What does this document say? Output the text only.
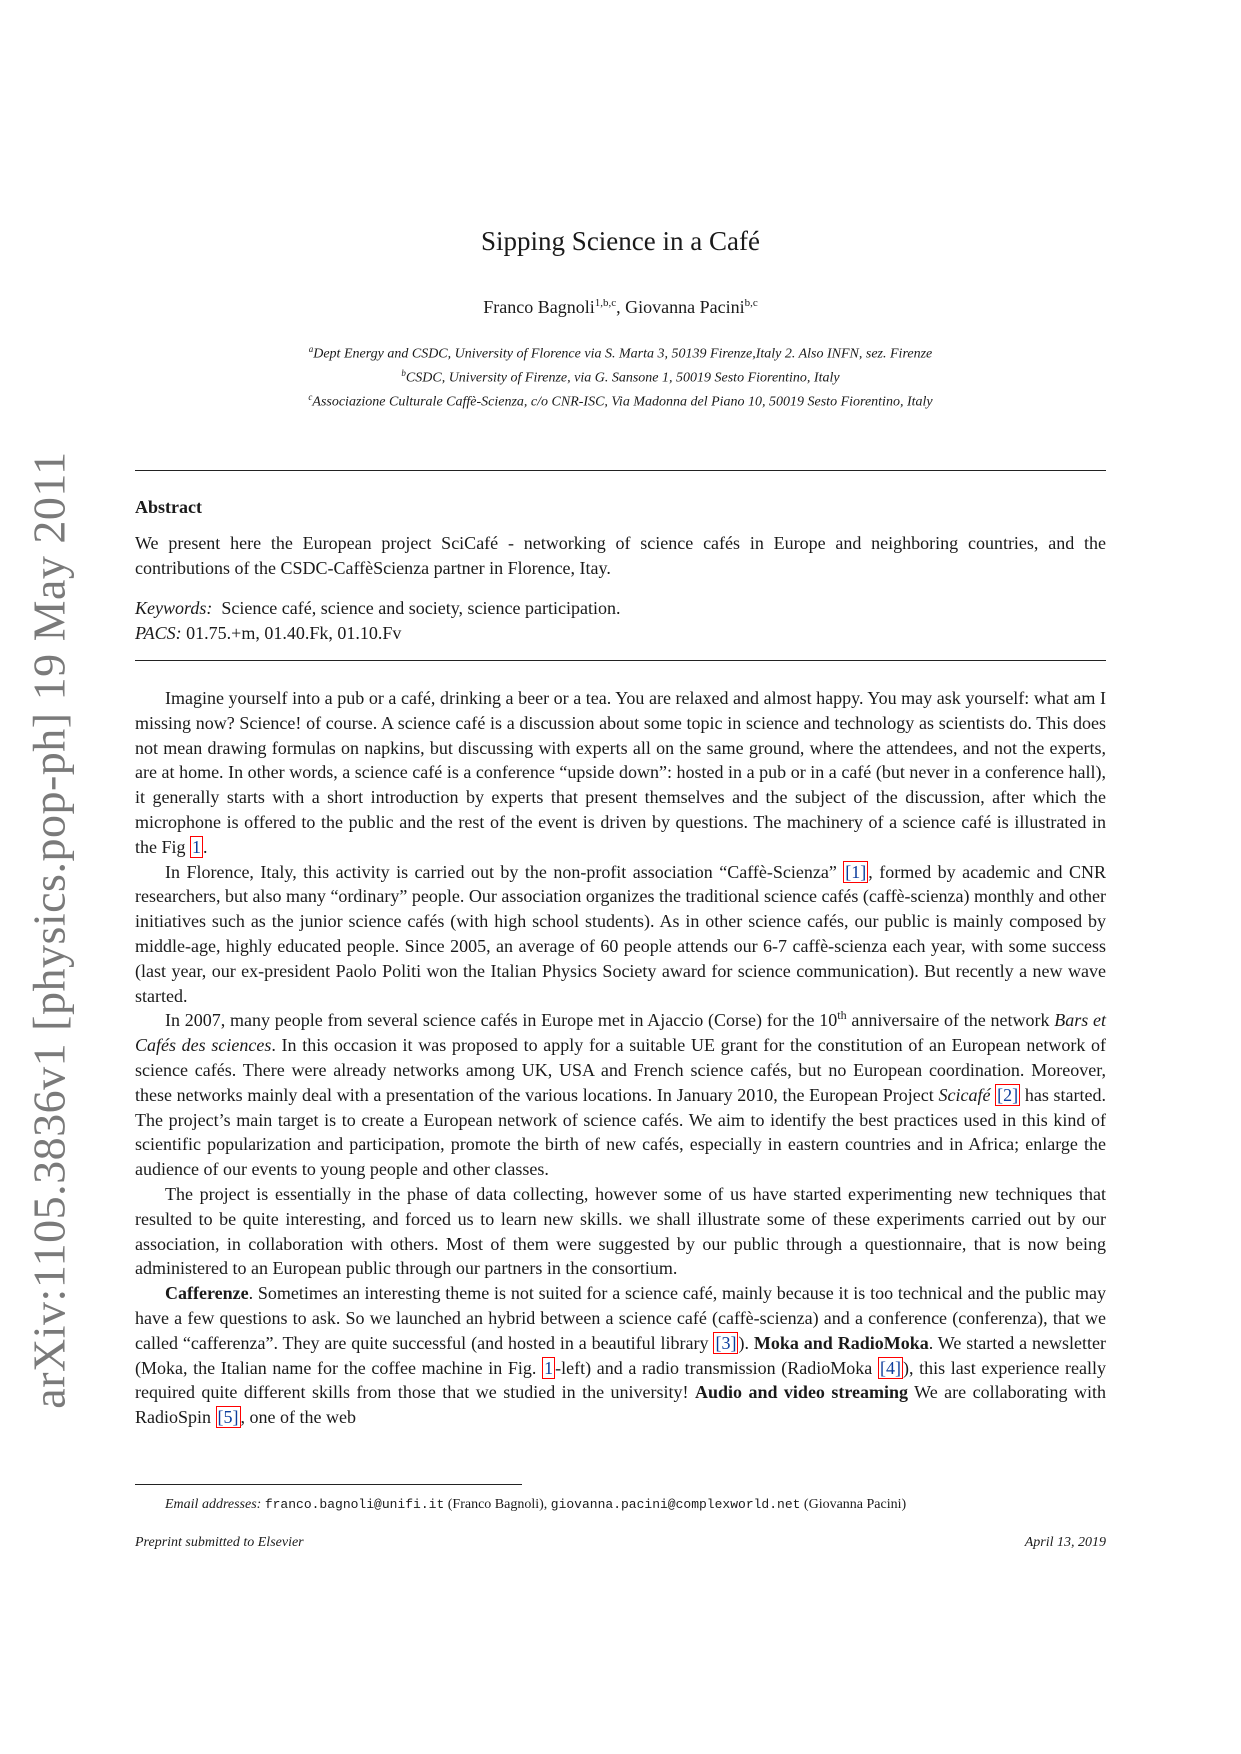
arXiv:1105.3836v1 [physics.pop-ph] 19 May 2011
Sipping Science in a Café
Franco Bagnoli$^{1,b,c}$, Giovanna Pacini$^{b,c}$
$^a$Dept Energy and CSDC, University of Florence via S. Marta 3, 50139 Firenze,Italy 2. Also INFN, sez. Firenze
$^b$CSDC, University of Firenze, via G. Sansone 1, 50019 Sesto Fiorentino, Italy
$^c$Associazione Culturale Caffè-Scienza, c/o CNR-ISC, Via Madonna del Piano 10, 50019 Sesto Fiorentino, Italy
Abstract
We present here the European project SciCafé - networking of science cafés in Europe and neighboring countries, and the contributions of the CSDC-CaffèScienza partner in Florence, Itay.
Keywords: Science café, science and society, science participation.
PACS: 01.75.+m, 01.40.Fk, 01.10.Fv

Imagine yourself into a pub or a café, drinking a beer or a tea. You are relaxed and almost happy. You may ask yourself: what am I missing now? Science! of course. A science café is a discussion about some topic in science and technology as scientists do. This does not mean drawing formulas on napkins, but discussing with experts all on the same ground, where the attendees, and not the experts, are at home. In other words, a science café is a conference “upside down”: hosted in a pub or in a café (but never in a conference hall), it generally starts with a short introduction by experts that present themselves and the subject of the discussion, after which the microphone is offered to the public and the rest of the event is driven by questions. The machinery of a science café is illustrated in the Fig 1 .

In Florence, Italy, this activity is carried out by the non-profit association “Caffè-Scienza” [1] , formed by academic and CNR researchers, but also many “ordinary” people. Our association organizes the traditional science cafés (caffè-scienza) monthly and other initiatives such as the junior science cafés (with high school students). As in other science cafés, our public is mainly composed by middle-age, highly educated people. Since 2005, an average of 60 people attends our 6-7 caffè-scienza each year, with some success (last year, our ex-president Paolo Politi won the Italian Physics Society award for science communication). But recently a new wave started.

In 2007, many people from several science cafés in Europe met in Ajaccio (Corse) for the 10th anniversaire of the network Bars et Cafés des sciences. In this occasion it was proposed to apply for a suitable UE grant for the constitution of an European network of science cafés. There were already networks among UK, USA and French science cafés, but no European coordination. Moreover, these networks mainly deal with a presentation of the various locations. In January 2010, the European Project Scicafé [2] has started. The project’s main target is to create a European network of science cafés. We aim to identify the best practices used in this kind of scientific popularization and participation, promote the birth of new cafés, especially in eastern countries and in Africa; enlarge the audience of our events to young people and other classes.

The project is essentially in the phase of data collecting, however some of us have started experimenting new techniques that resulted to be quite interesting, and forced us to learn new skills. we shall illustrate some of these experiments carried out by our association, in collaboration with others. Most of them were suggested by our public through a questionnaire, that is now being administered to an European public through our partners in the consortium.

Cafferenze. Sometimes an interesting theme is not suited for a science café, mainly because it is too technical and the public may have a few questions to ask. So we launched an hybrid between a science café (caffè-scienza) and a conference (conferenza), that we called “cafferenza”. They are quite successful (and hosted in a beautiful library [3] ). Moka and RadioMoka. We started a newsletter (Moka, the Italian name for the coffee machine in Fig. 1 -left) and a radio transmission (RadioMoka [4] ), this last experience really required quite different skills from those that we studied in the university! Audio and video streaming We are collaborating with RadioSpin [5] , one of the web

Email addresses: franco.bagnoli@unifi.it (Franco Bagnoli), giovanna.pacini@complexworld.net (Giovanna Pacini)
Preprint submitted to Elsevier	April 13, 2019
